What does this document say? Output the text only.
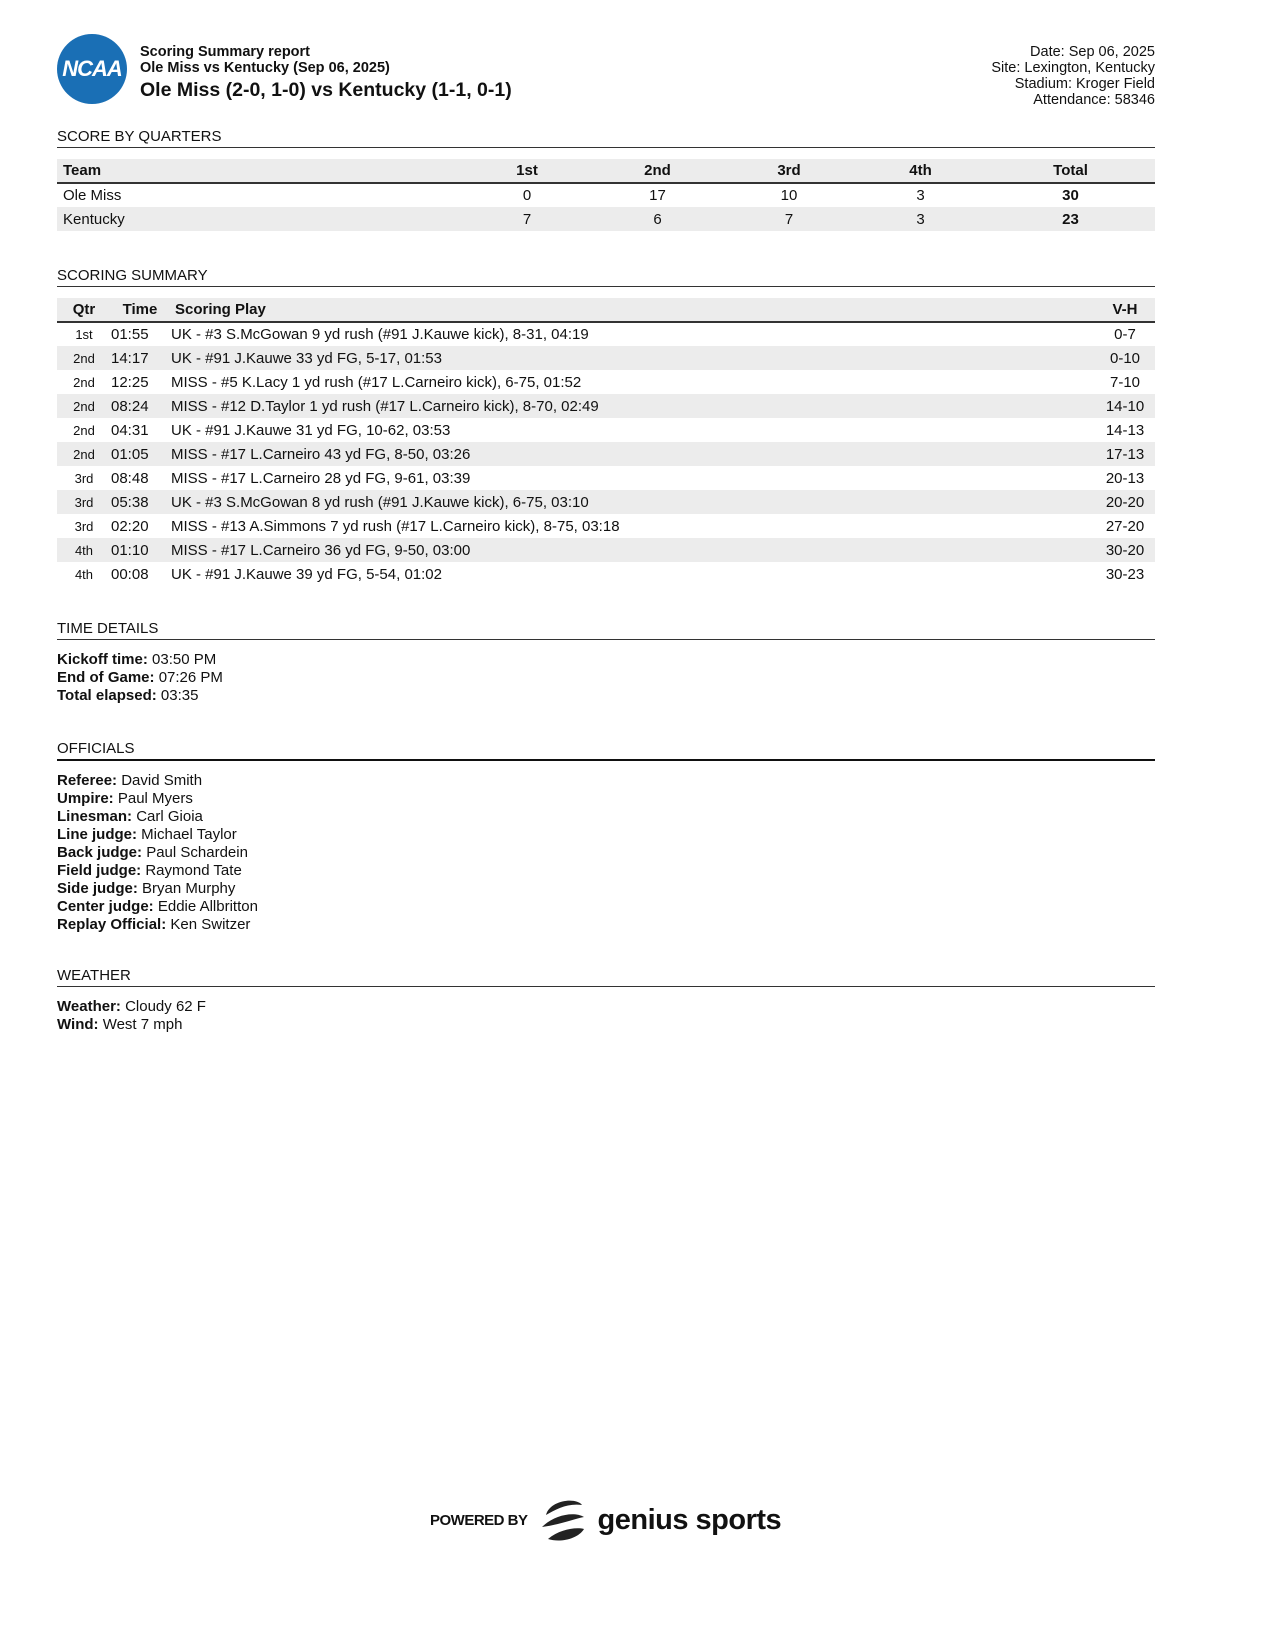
NCAA
Scoring Summary report
Ole Miss vs Kentucky (Sep 06, 2025)
Ole Miss (2-0, 1-0) vs Kentucky (1-1, 0-1)
Date: Sep 06, 2025
Site: Lexington, Kentucky
Stadium: Kroger Field
Attendance: 58346
SCORE BY QUARTERS
Team	1st	2nd	3rd	4th	Total
Ole Miss	0	17	10	3	30
Kentucky	7	6	7	3	23
SCORING SUMMARY
Qtr	Time	Scoring Play	V-H
1st	01:55	UK - #3 S.McGowan 9 yd rush (#91 J.Kauwe kick), 8-31, 04:19	0-7
2nd	14:17	UK - #91 J.Kauwe 33 yd FG, 5-17, 01:53	0-10
2nd	12:25	MISS - #5 K.Lacy 1 yd rush (#17 L.Carneiro kick), 6-75, 01:52	7-10
2nd	08:24	MISS - #12 D.Taylor 1 yd rush (#17 L.Carneiro kick), 8-70, 02:49	14-10
2nd	04:31	UK - #91 J.Kauwe 31 yd FG, 10-62, 03:53	14-13
2nd	01:05	MISS - #17 L.Carneiro 43 yd FG, 8-50, 03:26	17-13
3rd	08:48	MISS - #17 L.Carneiro 28 yd FG, 9-61, 03:39	20-13
3rd	05:38	UK - #3 S.McGowan 8 yd rush (#91 J.Kauwe kick), 6-75, 03:10	20-20
3rd	02:20	MISS - #13 A.Simmons 7 yd rush (#17 L.Carneiro kick), 8-75, 03:18	27-20
4th	01:10	MISS - #17 L.Carneiro 36 yd FG, 9-50, 03:00	30-20
4th	00:08	UK - #91 J.Kauwe 39 yd FG, 5-54, 01:02	30-23
TIME DETAILS
Kickoff time: 03:50 PM
End of Game: 07:26 PM
Total elapsed: 03:35
OFFICIALS
Referee: David Smith
Umpire: Paul Myers
Linesman: Carl Gioia
Line judge: Michael Taylor
Back judge: Paul Schardein
Field judge: Raymond Tate
Side judge: Bryan Murphy
Center judge: Eddie Allbritton
Replay Official: Ken Switzer
WEATHER
Weather: Cloudy 62 F
Wind: West 7 mph
POWERED BY genius sports
